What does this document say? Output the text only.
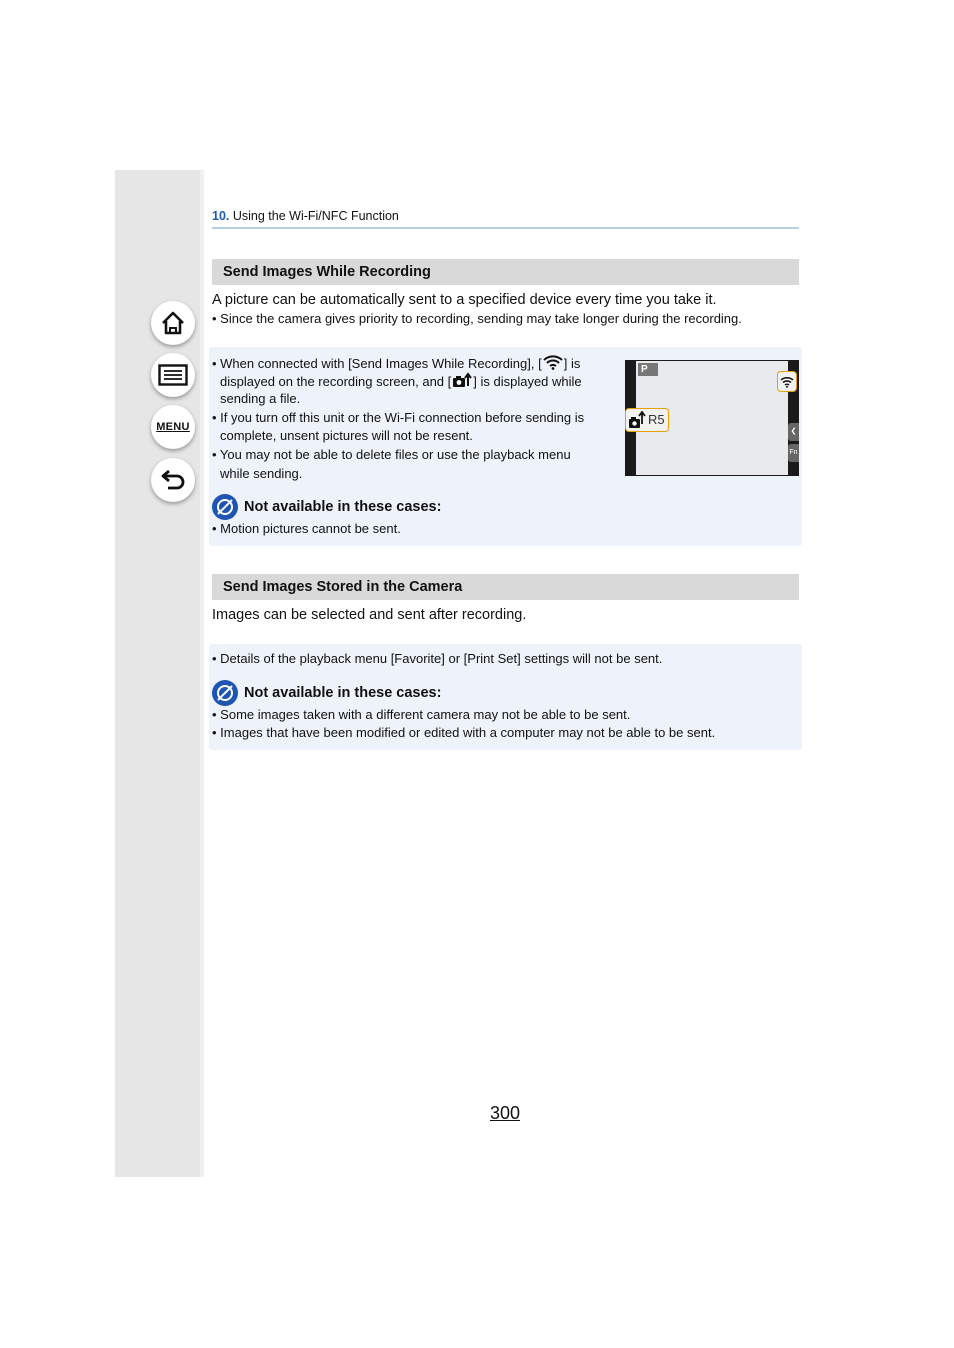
MENU
10. Using the Wi-Fi/NFC Function
Send Images While Recording
A picture can be automatically sent to a specified device every time you take it.
• Since the camera gives priority to recording, sending may take longer during the recording.
• When connected with [Send Images While Recording], [ ] is
displayed on the recording screen, and [ ] is displayed while
sending a file.
• If you turn off this unit or the Wi-Fi connection before sending is
complete, unsent pictures will not be resent.
• You may not be able to delete files or use the playback menu
while sending.
P
R5
❮
Fn
Not available in these cases:
• Motion pictures cannot be sent.
Send Images Stored in the Camera
Images can be selected and sent after recording.
• Details of the playback menu [Favorite] or [Print Set] settings will not be sent.
Not available in these cases:
• Some images taken with a different camera may not be able to be sent.
• Images that have been modified or edited with a computer may not be able to be sent.
300
